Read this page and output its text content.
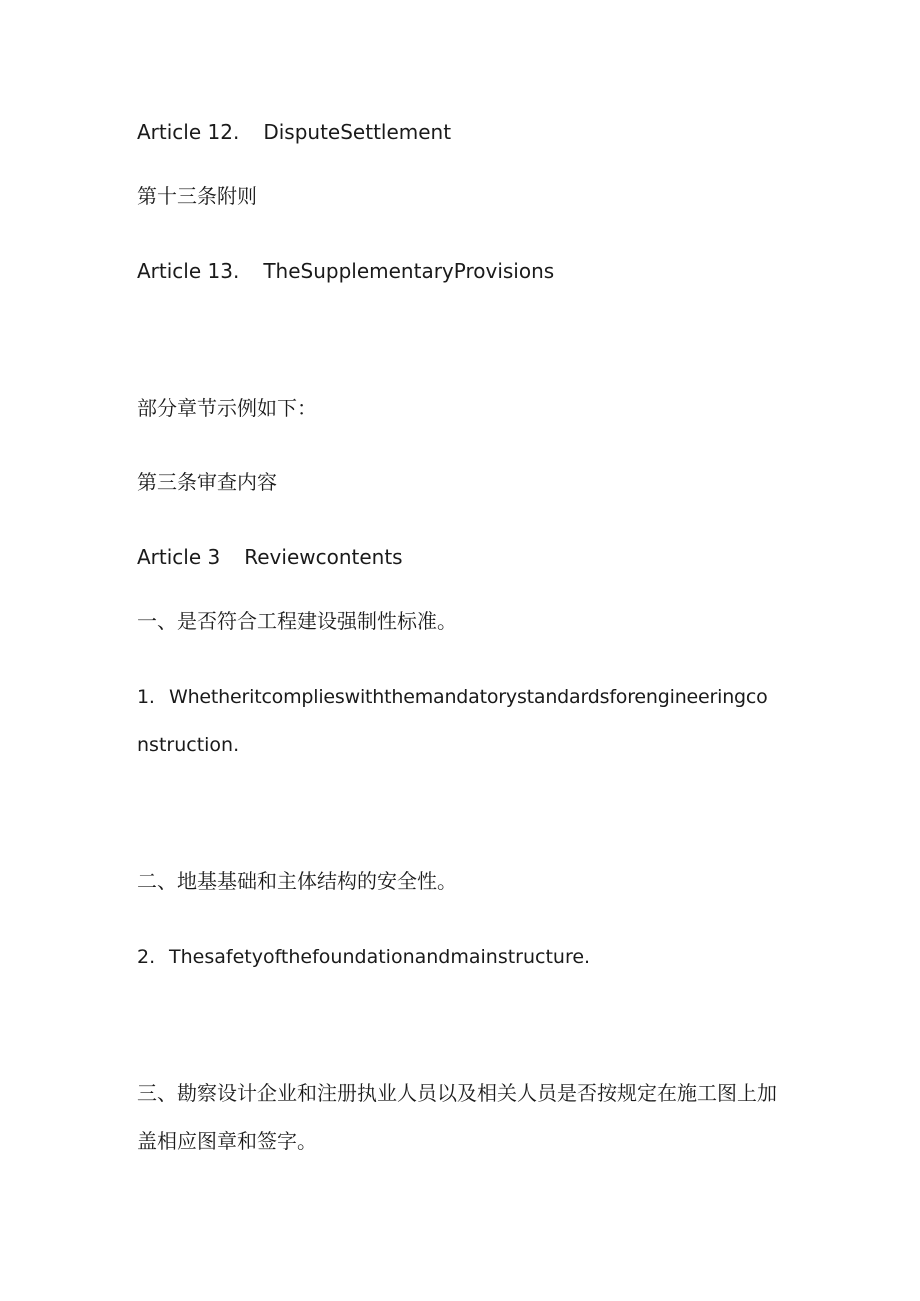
Article 12. DisputeSettlement
第十三条附则
Article 13. TheSupplementaryProvisions
部分章节示例如下：
第三条审查内容
Article 3 Reviewcontents
一、是否符合工程建设强制性标准。
1. Whetheritcomplieswiththemandatorystandardsforengineeringco
nstruction.
二、地基基础和主体结构的安全性。
2. Thesafetyofthefoundationandmainstructure.
三、勘察设计企业和注册执业人员以及相关人员是否按规定在施工图上加
盖相应图章和签字。
